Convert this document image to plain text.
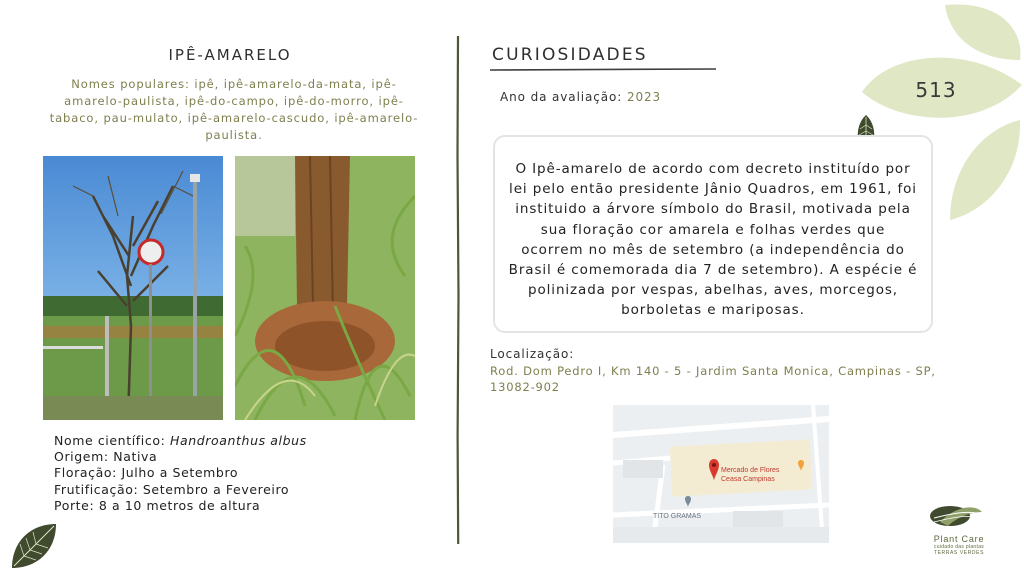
IPÊ-AMARELO
Nomes populares: ipê, ipê-amarelo-da-mata, ipê-amarelo-paulista, ipê-do-campo, ipê-do-morro, ipê-tabaco, pau-mulato, ipê-amarelo-cascudo, ipê-amarelo-paulista.
Nome científico: Handroanthus albus
Origem: Nativa
Floração: Julho a Setembro
Frutificação: Setembro a Fevereiro
Porte: 8 a 10 metros de altura
CURIOSIDADES
Ano da avaliação: 2023
O Ipê-amarelo de acordo com decreto instituído por lei pelo então presidente Jânio Quadros, em 1961, foi instituido a árvore símbolo do Brasil, motivada pela sua floração cor amarela e folhas verdes que ocorrem no mês de setembro (a independência do Brasil é comemorada dia 7 de setembro). A espécie é polinizada por vespas, abelhas, aves, morcegos, borboletas e mariposas.
Localização:
Rod. Dom Pedro I, Km 140 - 5 - Jardim Santa Monica, Campinas - SP, 13082-902
Mercado de Flores
Ceasa Campinas
TITO GRAMAS
513
Plant Care
cuidado das plantas
TERRAS VERDES
